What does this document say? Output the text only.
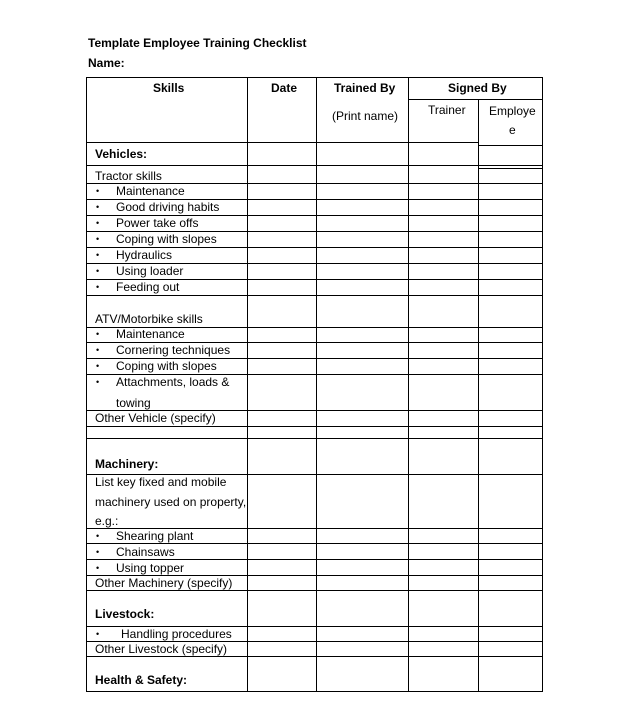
Template Employee Training Checklist
Name:
Skills	Date	Trained By
(Print name)
Signed By
Trainer Employe
e
Vehicles:
Tractor skills
• Maintenance
• Good driving habits
• Power take offs
• Coping with slopes
• Hydraulics
• Using loader
• Feeding out
ATV/Motorbike skills
• Maintenance
• Cornering techniques
• Coping with slopes
• Attachments, loads &
towing
Other Vehicle (specify)
Machinery:
List key fixed and mobile
machinery used on property,
e.g.:
• Shearing plant
• Chainsaws
• Using topper
Other Machinery (specify)
Livestock:
• Handling procedures
Other Livestock (specify)
Health & Safety:
